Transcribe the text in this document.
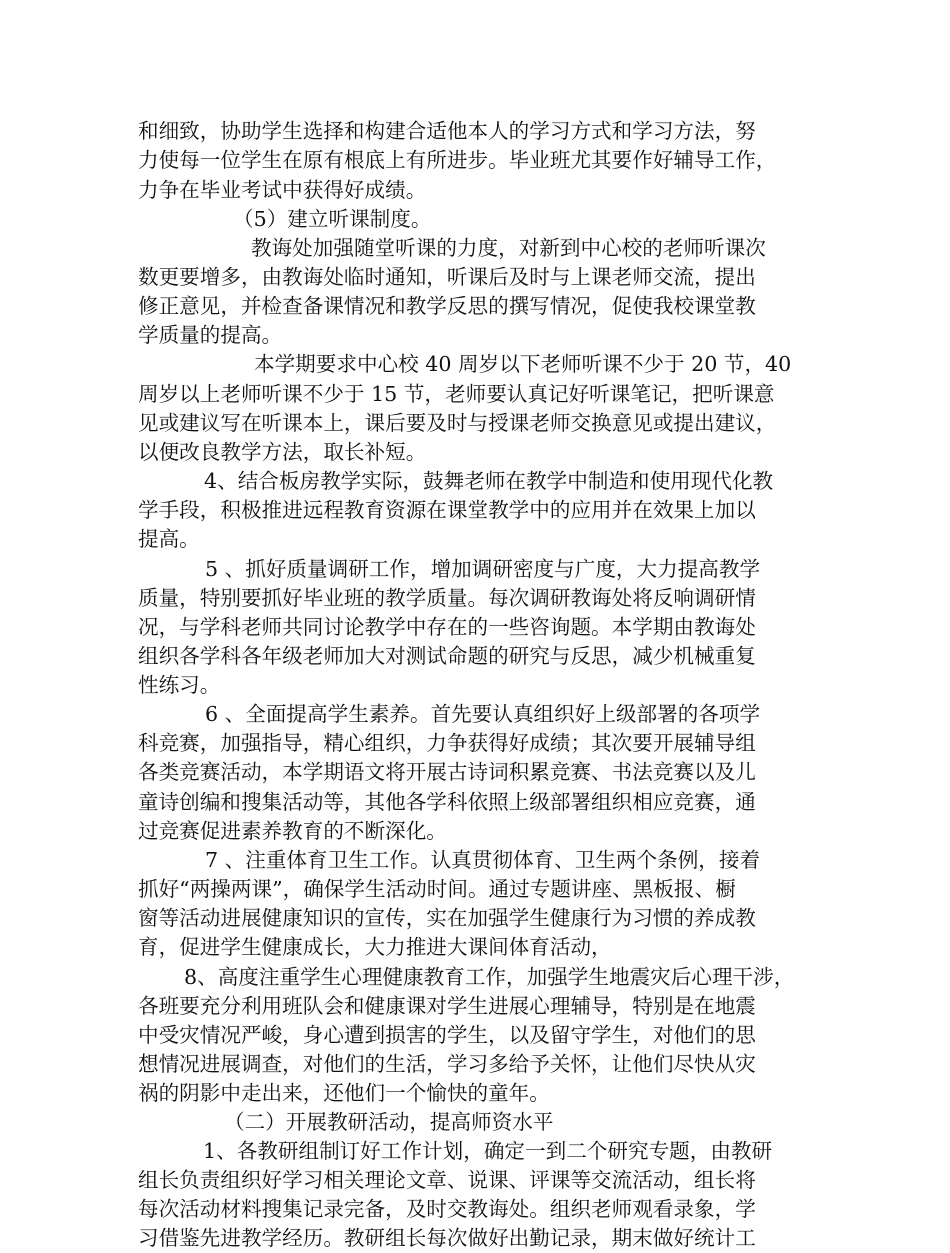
和细致，协助学生选择和构建合适他本人的学习方式和学习方法，努

力使每一位学生在原有根底上有所进步。毕业班尤其要作好辅导工作，

力争在毕业考试中获得好成绩。

（5）建立听课制度。

教诲处加强随堂听课的力度，对新到中心校的老师听课次

数更要增多，由教诲处临时通知，听课后及时与上课老师交流，提出

修正意见，并检查备课情况和教学反思的撰写情况，促使我校课堂教

学质量的提高。

本学期要求中心校 40 周岁以下老师听课不少于 20 节，40

周岁以上老师听课不少于 15 节，老师要认真记好听课笔记，把听课意

见或建议写在听课本上，课后要及时与授课老师交换意见或提出建议，

以便改良教学方法，取长补短。

4、结合板房教学实际，鼓舞老师在教学中制造和使用现代化教

学手段，积极推进远程教育资源在课堂教学中的应用并在效果上加以

提高。

5 、抓好质量调研工作，增加调研密度与广度，大力提高教学

质量，特别要抓好毕业班的教学质量。每次调研教诲处将反响调研情

况，与学科老师共同讨论教学中存在的一些咨询题。本学期由教诲处

组织各学科各年级老师加大对测试命题的研究与反思，减少机械重复

性练习。

6 、全面提高学生素养。首先要认真组织好上级部署的各项学

科竞赛，加强指导，精心组织，力争获得好成绩；其次要开展辅导组

各类竞赛活动，本学期语文将开展古诗词积累竞赛、书法竞赛以及儿

童诗创编和搜集活动等，其他各学科依照上级部署组织相应竞赛，通

过竞赛促进素养教育的不断深化。

7 、注重体育卫生工作。认真贯彻体育、卫生两个条例，接着

抓好“两操两课”，确保学生活动时间。通过专题讲座、黑板报、橱

窗等活动进展健康知识的宣传，实在加强学生健康行为习惯的养成教

育，促进学生健康成长，大力推进大课间体育活动，

8、高度注重学生心理健康教育工作，加强学生地震灾后心理干涉，

各班要充分利用班队会和健康课对学生进展心理辅导，特别是在地震

中受灾情况严峻，身心遭到损害的学生，以及留守学生，对他们的思

想情况进展调查，对他们的生活，学习多给予关怀，让他们尽快从灾

祸的阴影中走出来，还他们一个愉快的童年。

（二）开展教研活动，提高师资水平

1、各教研组制订好工作计划，确定一到二个研究专题，由教研

组长负责组织好学习相关理论文章、说课、评课等交流活动，组长将

每次活动材料搜集记录完备，及时交教诲处。组织老师观看录象，学

习借鉴先进教学经历。教研组长每次做好出勤记录，期末做好统计工
